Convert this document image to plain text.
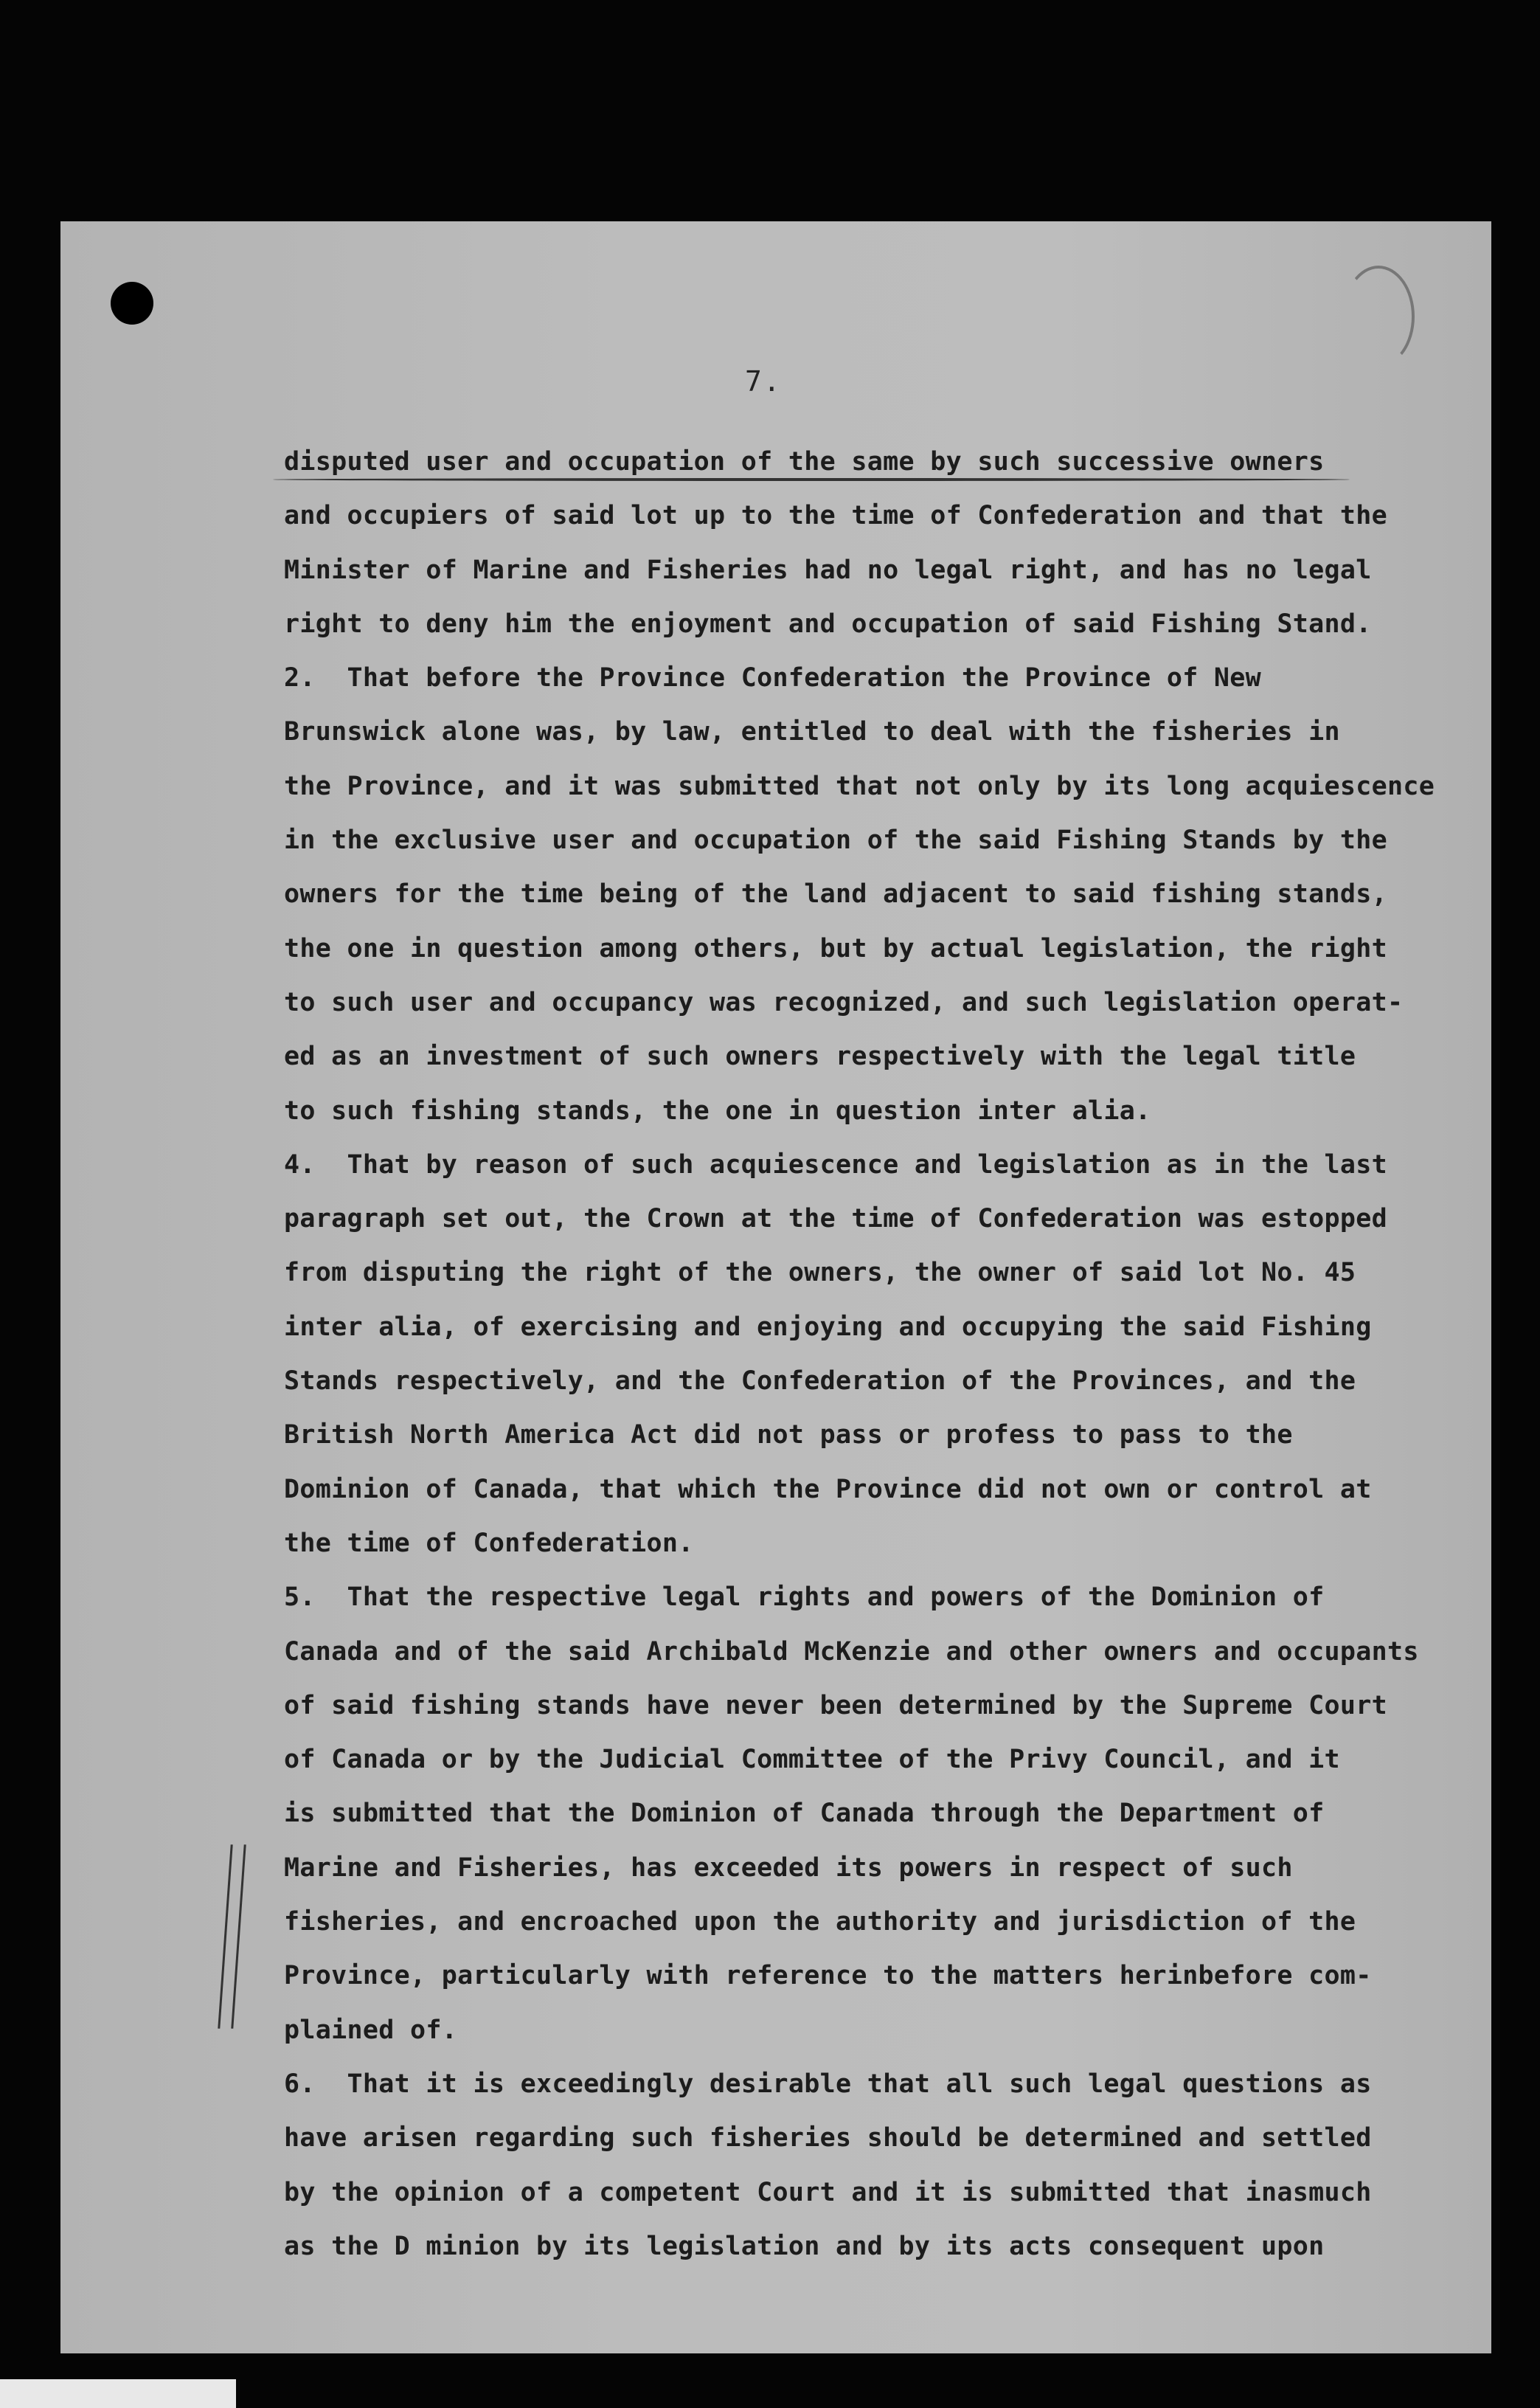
7.
disputed user and occupation of the same by such successive owners
and occupiers of said lot up to the time of Confederation and that the
Minister of Marine and Fisheries had no legal right, and has no legal
right to deny him the enjoyment and occupation of said Fishing Stand.
2.  That before the Province Confederation the Province of New
Brunswick alone was, by law, entitled to deal with the fisheries in
the Province, and it was submitted that not only by its long acquiescence
in the exclusive user and occupation of the said Fishing Stands by the
owners for the time being of the land adjacent to said fishing stands,
the one in question among others, but by actual legislation, the right
to such user and occupancy was recognized, and such legislation operat-
ed as an investment of such owners respectively with the legal title
to such fishing stands, the one in question inter alia.
4.  That by reason of such acquiescence and legislation as in the last
paragraph set out, the Crown at the time of Confederation was estopped
from disputing the right of the owners, the owner of said lot No. 45
inter alia, of exercising and enjoying and occupying the said Fishing
Stands respectively, and the Confederation of the Provinces, and the
British North America Act did not pass or profess to pass to the
Dominion of Canada, that which the Province did not own or control at
the time of Confederation.
5.  That the respective legal rights and powers of the Dominion of
Canada and of the said Archibald McKenzie and other owners and occupants
of said fishing stands have never been determined by the Supreme Court
of Canada or by the Judicial Committee of the Privy Council, and it
is submitted that the Dominion of Canada through the Department of
Marine and Fisheries, has exceeded its powers in respect of such
fisheries, and encroached upon the authority and jurisdiction of the
Province, particularly with reference to the matters herinbefore com-
plained of.
6.  That it is exceedingly desirable that all such legal questions as
have arisen regarding such fisheries should be determined and settled
by the opinion of a competent Court and it is submitted that inasmuch
as the D minion by its legislation and by its acts consequent upon
